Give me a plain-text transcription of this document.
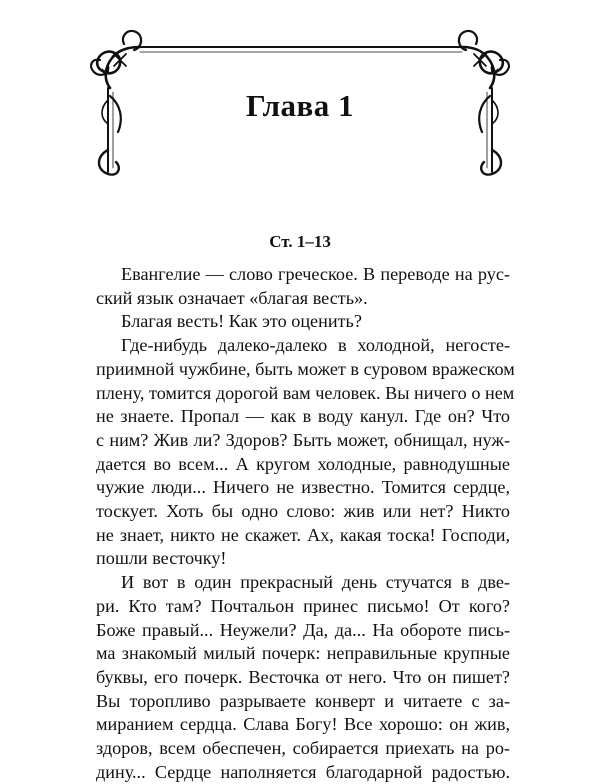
Глава 1
Ст. 1–13
Евангелие — слово греческое. В переводе на рус-
ский язык означает «благая весть».
Благая весть! Как это оценить?
Где-нибудь далеко-далеко в холодной, негосте-
приимной чужбине, быть может в суровом вражеском
плену, томится дорогой вам человек. Вы ничего о нем
не знаете. Пропал — как в воду канул. Где он? Что
с ним? Жив ли? Здоров? Быть может, обнищал, нуж-
дается во всем... А кругом холодные, равнодушные
чужие люди... Ничего не известно. Томится сердце,
тоскует. Хоть бы одно слово: жив или нет? Никто
не знает, никто не скажет. Ах, какая тоска! Господи,
пошли весточку!
И вот в один прекрасный день стучатся в две-
ри. Кто там? Почтальон принес письмо! От кого?
Боже правый... Неужели? Да, да... На обороте пись-
ма знакомый милый почерк: неправильные крупные
буквы, его почерк. Весточка от него. Что он пишет?
Вы торопливо разрываете конверт и читаете с за-
миранием сердца. Слава Богу! Все хорошо: он жив,
здоров, всем обеспечен, собирается приехать на ро-
дину... Сердце наполняется благодарной радостью.
